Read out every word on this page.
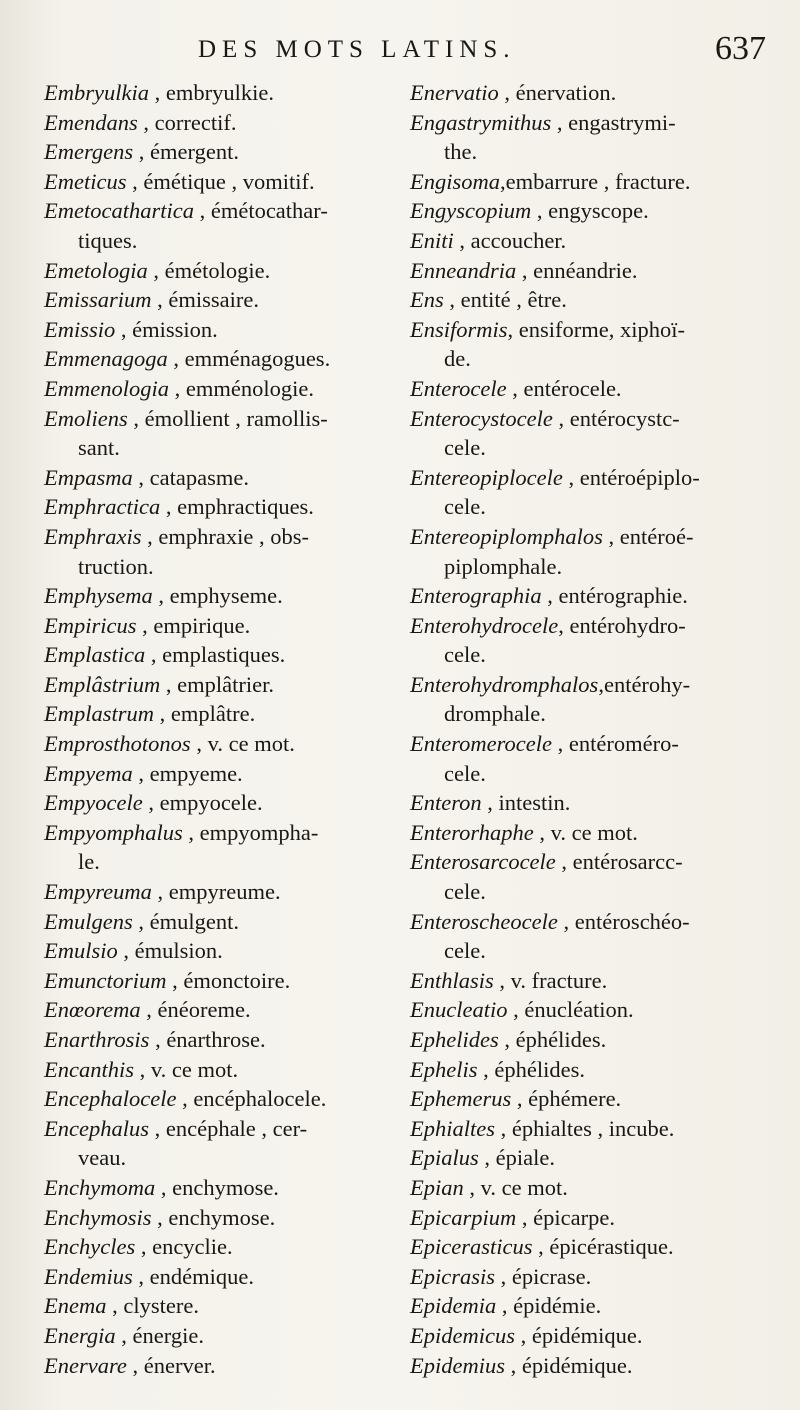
DES MOTS LATINS.	637
Embryulkia , embryulkie.
Emendans , correctif.
Emergens , émergent.
Emeticus , émétique , vomitif.
Emetocathartica , émétocathar-
tiques.
Emetologia , émétologie.
Emissarium , émissaire.
Emissio , émission.
Emmenagoga , emménagogues.
Emmenologia , emménologie.
Emoliens , émollient , ramollis-
sant.
Empasma , catapasme.
Emphractica , emphractiques.
Emphraxis , emphraxie , obs-
truction.
Emphysema , emphyseme.
Empiricus , empirique.
Emplastica , emplastiques.
Emplâstrium , emplâtrier.
Emplastrum , emplâtre.
Emprosthotonos , v. ce mot.
Empyema , empyeme.
Empyocele , empyocele.
Empyomphalus , empyompha-
le.
Empyreuma , empyreume.
Emulgens , émulgent.
Emulsio , émulsion.
Emunctorium , émonctoire.
Enœorema , énéoreme.
Enarthrosis , énarthrose.
Encanthis , v. ce mot.
Encephalocele , encéphalocele.
Encephalus , encéphale , cer-
veau.
Enchymoma , enchymose.
Enchymosis , enchymose.
Enchycles , encyclie.
Endemius , endémique.
Enema , clystere.
Energia , énergie.
Enervare , énerver.
Enervatio , énervation.
Engastrymithus , engastrymi-
the.
Engisoma,embarrure , fracture.
Engyscopium , engyscope.
Eniti , accoucher.
Enneandria , ennéandrie.
Ens , entité , être.
Ensiformis, ensiforme, xiphoï-
de.
Enterocele , entérocele.
Enterocystocele , entérocystc-
cele.
Entereopiplocele , entéroépiplo-
cele.
Entereopiplomphalos , entéroé-
piplomphale.
Enterographia , entérographie.
Enterohydrocele, entérohydro-
cele.
Enterohydromphalos,entérohy-
dromphale.
Enteromerocele , entéroméro-
cele.
Enteron , intestin.
Enterorhaphe , v. ce mot.
Enterosarcocele , entérosarcc-
cele.
Enteroscheocele , entéroschéo-
cele.
Enthlasis , v. fracture.
Enucleatio , énucléation.
Ephelides , éphélides.
Ephelis , éphélides.
Ephemerus , éphémere.
Ephialtes , éphialtes , incube.
Epialus , épiale.
Epian , v. ce mot.
Epicarpium , épicarpe.
Epicerasticus , épicérastique.
Epicrasis , épicrase.
Epidemia , épidémie.
Epidemicus , épidémique.
Epidemius , épidémique.
